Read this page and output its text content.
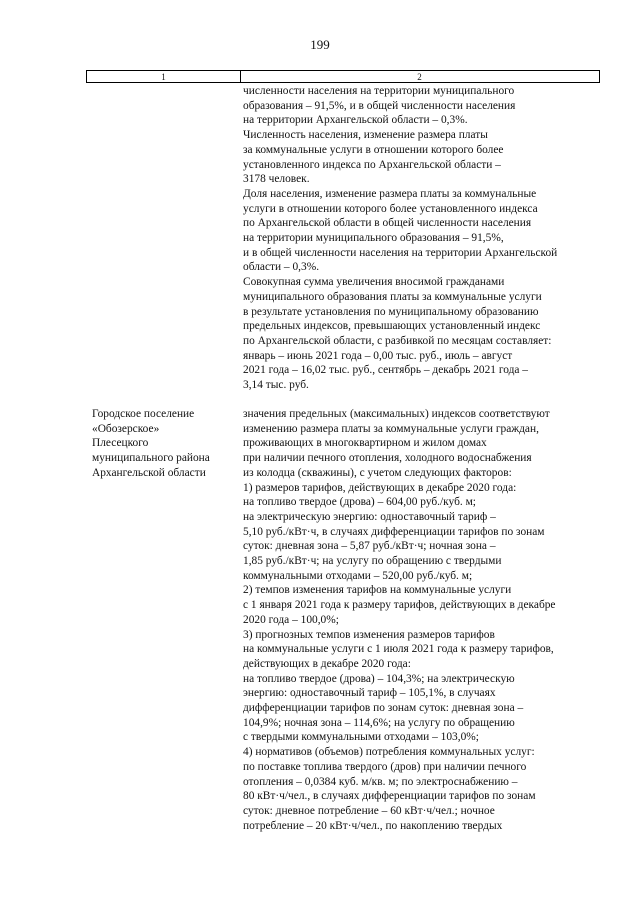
199
1	2
численности населения на территории муниципального
образования – 91,5%, и в общей численности населения
на территории Архангельской области – 0,3%.
Численность населения, изменение размера платы
за коммунальные услуги в отношении которого более
установленного индекса по Архангельской области –
3178 человек.
Доля населения, изменение размера платы за коммунальные
услуги в отношении которого более установленного индекса
по Архангельской области в общей численности населения
на территории муниципального образования – 91,5%,
и в общей численности населения на территории Архангельской
области – 0,3%.
Совокупная сумма увеличения вносимой гражданами
муниципального образования платы за коммунальные услуги
в результате установления по муниципальному образованию
предельных индексов, превышающих установленный индекс
по Архангельской области, с разбивкой по месяцам составляет:
январь – июнь 2021 года – 0,00 тыс. руб., июль – август
2021 года – 16,02 тыс. руб., сентябрь – декабрь 2021 года –
3,14 тыс. руб.
Городское поселение
«Обозерское»
Плесецкого
муниципального района
Архангельской области
значения предельных (максимальных) индексов соответствуют
изменению размера платы за коммунальные услуги граждан,
проживающих в многоквартирном и жилом домах
при наличии печного отопления, холодного водоснабжения
из колодца (скважины), с учетом следующих факторов:
1) размеров тарифов, действующих в декабре 2020 года:
на топливо твердое (дрова) – 604,00 руб./куб. м;
на электрическую энергию: одноставочный тариф –
5,10 руб./кВт·ч, в случаях дифференциации тарифов по зонам
суток: дневная зона – 5,87 руб./кВт·ч; ночная зона –
1,85 руб./кВт·ч; на услугу по обращению с твердыми
коммунальными отходами – 520,00 руб./куб. м;
2) темпов изменения тарифов на коммунальные услуги
с 1 января 2021 года к размеру тарифов, действующих в декабре
2020 года – 100,0%;
3) прогнозных темпов изменения размеров тарифов
на коммунальные услуги с 1 июля 2021 года к размеру тарифов,
действующих в декабре 2020 года:
на топливо твердое (дрова) – 104,3%; на электрическую
энергию: одноставочный тариф – 105,1%, в случаях
дифференциации тарифов по зонам суток: дневная зона –
104,9%; ночная зона – 114,6%; на услугу по обращению
с твердыми коммунальными отходами – 103,0%;
4) нормативов (объемов) потребления коммунальных услуг:
по поставке топлива твердого (дров) при наличии печного
отопления – 0,0384 куб. м/кв. м; по электроснабжению –
80 кВт·ч/чел., в случаях дифференциации тарифов по зонам
суток: дневное потребление – 60 кВт·ч/чел.; ночное
потребление – 20 кВт·ч/чел., по накоплению твердых
